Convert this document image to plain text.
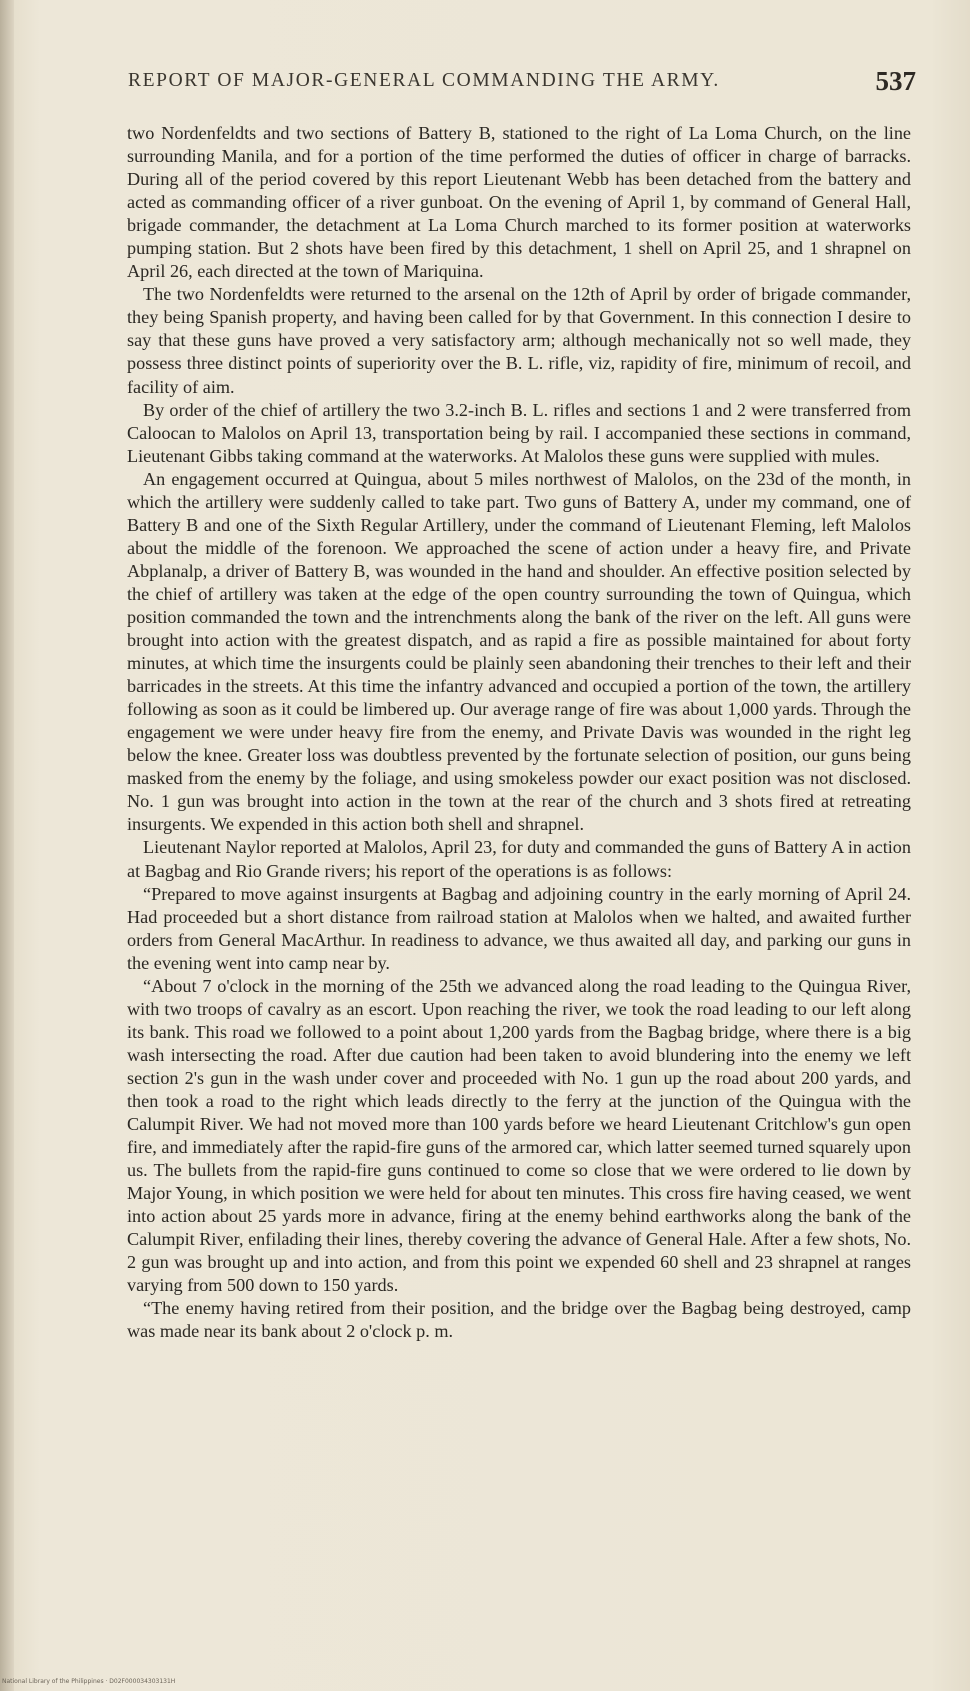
REPORT OF MAJOR-GENERAL COMMANDING THE ARMY.	537

two Nordenfeldts and two sections of Battery B, stationed to the right of La Loma Church, on the line surrounding Manila, and for a portion of the time performed the duties of officer in charge of barracks. During all of the period covered by this report Lieutenant Webb has been detached from the battery and acted as commanding officer of a river gunboat. On the evening of April 1, by command of General Hall, brigade commander, the detachment at La Loma Church marched to its former position at waterworks pumping station. But 2 shots have been fired by this detachment, 1 shell on April 25, and 1 shrapnel on April 26, each directed at the town of Mariquina.

The two Nordenfeldts were returned to the arsenal on the 12th of April by order of brigade commander, they being Spanish property, and having been called for by that Government. In this connection I desire to say that these guns have proved a very satisfactory arm; although mechanically not so well made, they possess three distinct points of superiority over the B. L. rifle, viz, rapidity of fire, minimum of recoil, and facility of aim.

By order of the chief of artillery the two 3.2-inch B. L. rifles and sections 1 and 2 were transferred from Caloocan to Malolos on April 13, transportation being by rail. I accompanied these sections in command, Lieutenant Gibbs taking command at the waterworks. At Malolos these guns were supplied with mules.

An engagement occurred at Quingua, about 5 miles northwest of Malolos, on the 23d of the month, in which the artillery were suddenly called to take part. Two guns of Battery A, under my command, one of Battery B and one of the Sixth Regular Artillery, under the command of Lieutenant Fleming, left Malolos about the middle of the forenoon. We approached the scene of action under a heavy fire, and Private Abplanalp, a driver of Battery B, was wounded in the hand and shoulder. An effective position selected by the chief of artillery was taken at the edge of the open country surrounding the town of Quingua, which position commanded the town and the intrenchments along the bank of the river on the left. All guns were brought into action with the greatest dispatch, and as rapid a fire as possible maintained for about forty minutes, at which time the insurgents could be plainly seen abandoning their trenches to their left and their barricades in the streets. At this time the infantry advanced and occupied a portion of the town, the artillery following as soon as it could be limbered up. Our average range of fire was about 1,000 yards. Through the engagement we were under heavy fire from the enemy, and Private Davis was wounded in the right leg below the knee. Greater loss was doubtless prevented by the fortunate selection of position, our guns being masked from the enemy by the foliage, and using smokeless powder our exact position was not disclosed. No. 1 gun was brought into action in the town at the rear of the church and 3 shots fired at retreating insurgents. We expended in this action both shell and shrapnel.

Lieutenant Naylor reported at Malolos, April 23, for duty and commanded the guns of Battery A in action at Bagbag and Rio Grande rivers; his report of the operations is as follows:

“Prepared to move against insurgents at Bagbag and adjoining country in the early morning of April 24. Had proceeded but a short distance from railroad station at Malolos when we halted, and awaited further orders from General MacArthur. In readiness to advance, we thus awaited all day, and parking our guns in the evening went into camp near by.

“About 7 o'clock in the morning of the 25th we advanced along the road leading to the Quingua River, with two troops of cavalry as an escort. Upon reaching the river, we took the road leading to our left along its bank. This road we followed to a point about 1,200 yards from the Bagbag bridge, where there is a big wash intersecting the road. After due caution had been taken to avoid blundering into the enemy we left section 2's gun in the wash under cover and proceeded with No. 1 gun up the road about 200 yards, and then took a road to the right which leads directly to the ferry at the junction of the Quingua with the Calumpit River. We had not moved more than 100 yards before we heard Lieutenant Critchlow's gun open fire, and immediately after the rapid-fire guns of the armored car, which latter seemed turned squarely upon us. The bullets from the rapid-fire guns continued to come so close that we were ordered to lie down by Major Young, in which position we were held for about ten minutes. This cross fire having ceased, we went into action about 25 yards more in advance, firing at the enemy behind earthworks along the bank of the Calumpit River, enfilading their lines, thereby covering the advance of General Hale. After a few shots, No. 2 gun was brought up and into action, and from this point we expended 60 shell and 23 shrapnel at ranges varying from 500 down to 150 yards.

“The enemy having retired from their position, and the bridge over the Bagbag being destroyed, camp was made near its bank about 2 o'clock p. m.

National Library of the Philippines · D02F000034303131H
